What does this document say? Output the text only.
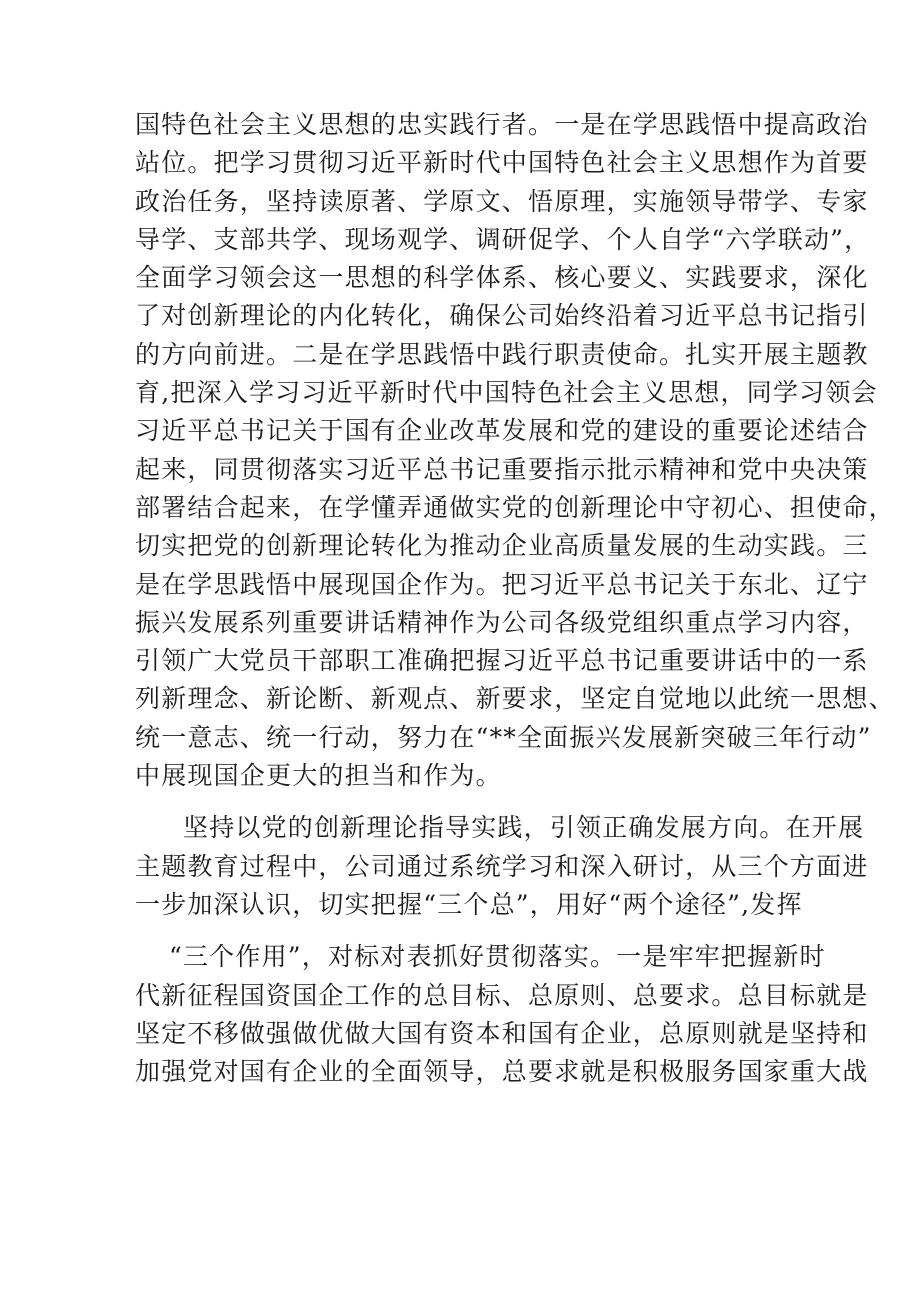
国特色社会主义思想的忠实践行者。一是在学思践悟中提高政治
站位。把学习贯彻习近平新时代中国特色社会主义思想作为首要
政治任务，坚持读原著、学原文、悟原理，实施领导带学、专家
导学、支部共学、现场观学、调研促学、个人自学“六学联动”，
全面学习领会这一思想的科学体系、核心要义、实践要求，深化
了对创新理论的内化转化，确保公司始终沿着习近平总书记指引
的方向前进。二是在学思践悟中践行职责使命。扎实开展主题教
育,把深入学习习近平新时代中国特色社会主义思想，同学习领会
习近平总书记关于国有企业改革发展和党的建设的重要论述结合
起来，同贯彻落实习近平总书记重要指示批示精神和党中央决策
部署结合起来，在学懂弄通做实党的创新理论中守初心、担使命，
切实把党的创新理论转化为推动企业高质量发展的生动实践。三
是在学思践悟中展现国企作为。把习近平总书记关于东北、辽宁
振兴发展系列重要讲话精神作为公司各级党组织重点学习内容，
引领广大党员干部职工准确把握习近平总书记重要讲话中的一系
列新理念、新论断、新观点、新要求，坚定自觉地以此统一思想、
统一意志、统一行动，努力在“**全面振兴发展新突破三年行动”
中展现国企更大的担当和作为。
坚持以党的创新理论指导实践，引领正确发展方向。在开展
主题教育过程中，公司通过系统学习和深入研讨，从三个方面进
一步加深认识，切实把握“三个总”，用好“两个途径”,发挥
“三个作用”，对标对表抓好贯彻落实。一是牢牢把握新时
代新征程国资国企工作的总目标、总原则、总要求。总目标就是
坚定不移做强做优做大国有资本和国有企业，总原则就是坚持和
加强党对国有企业的全面领导，总要求就是积极服务国家重大战
